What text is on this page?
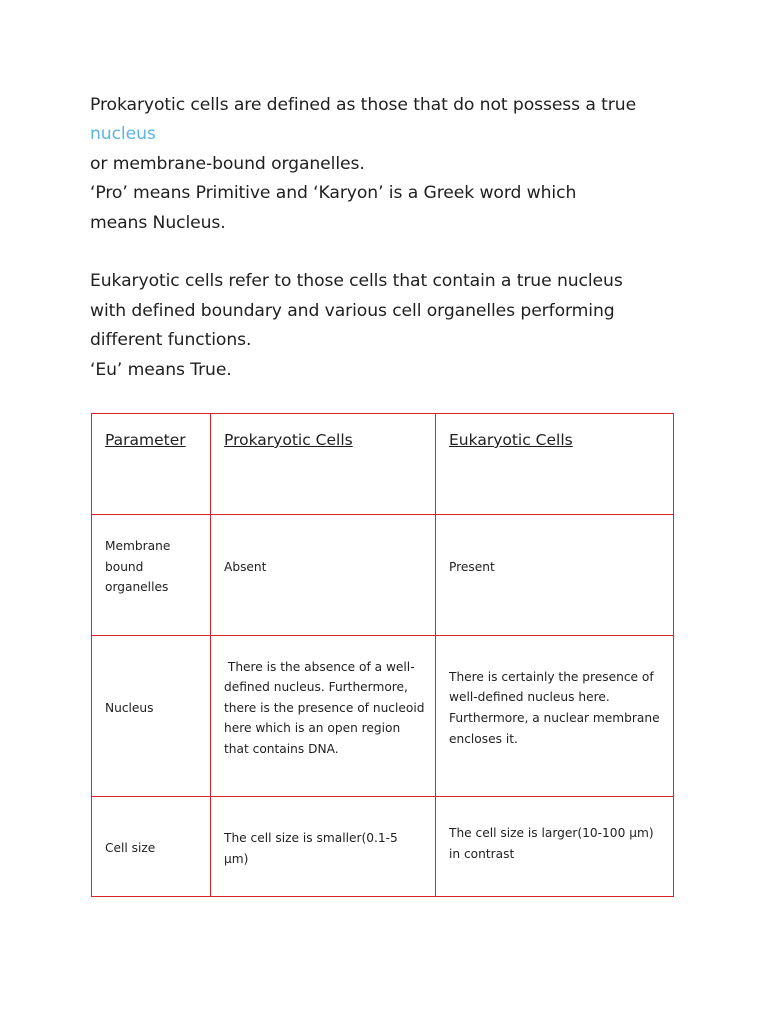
Prokaryotic cells are defined as those that do not possess a true nucleus
or membrane-bound organelles.

‘Pro’ means Primitive and ‘Karyon’ is a Greek word which means Nucleus.

Eukaryotic cells refer to those cells that contain a true nucleus with defined boundary and various cell organelles performing different functions.

‘Eu’ means True.

Parameter	Prokaryotic Cells	Eukaryotic Cells

Membrane bound organelles	Absent	Present

Nucleus	There is the absence of a well-defined nucleus. Furthermore, there is the presence of nucleoid here which is an open region that contains DNA.	There is certainly the presence of well-defined nucleus here. Furthermore, a nuclear membrane encloses it.

Cell size	The cell size is smaller(0.1-5 µm)	The cell size is larger(10-100 µm) in contrast
